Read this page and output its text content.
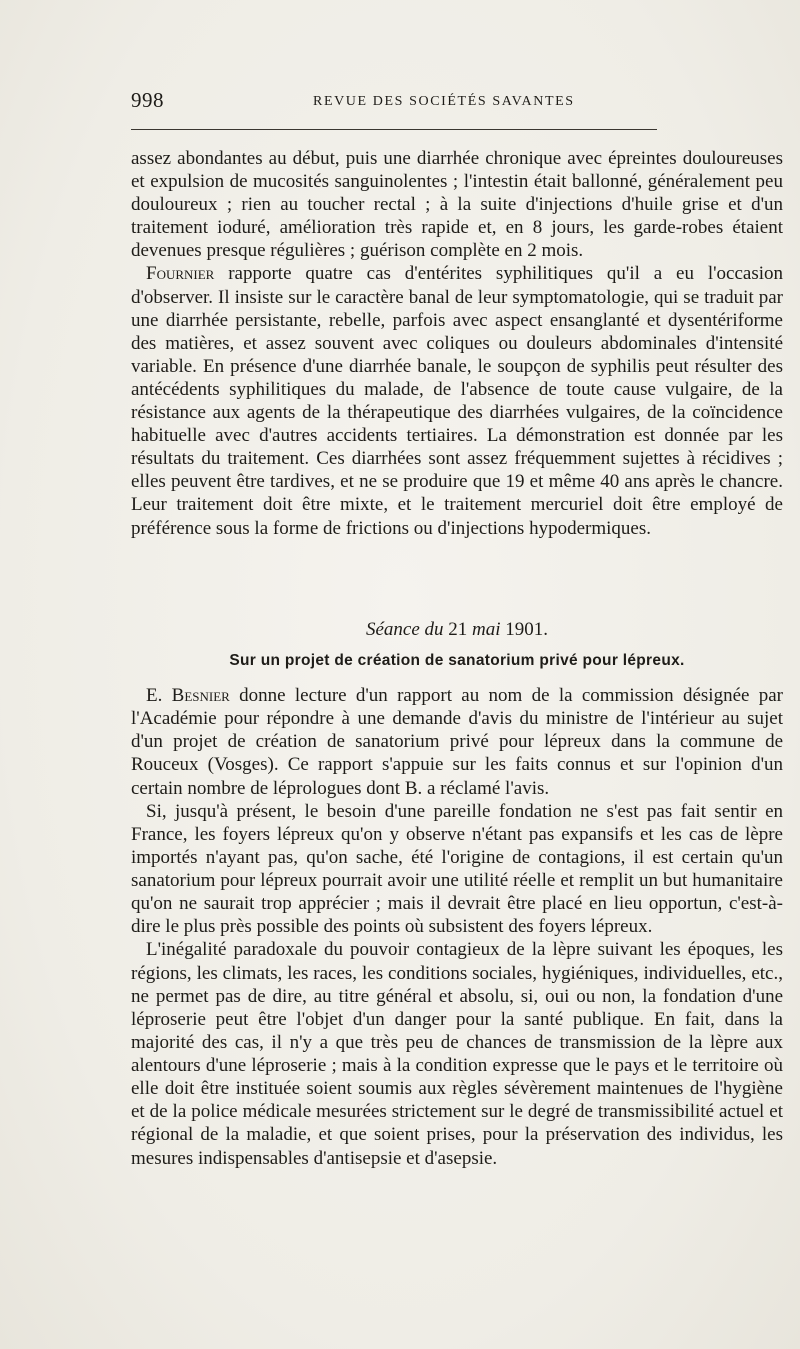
998	REVUE DES SOCIÉTÉS SAVANTES

assez abondantes au début, puis une diarrhée chronique avec épreintes douloureuses et expulsion de mucosités sanguinolentes ; l'intestin était ballonné, généralement peu douloureux ; rien au toucher rectal ; à la suite d'injections d'huile grise et d'un traitement ioduré, amélioration très rapide et, en 8 jours, les garde-robes étaient devenues presque régulières ; guérison complète en 2 mois.

Fournier rapporte quatre cas d'entérites syphilitiques qu'il a eu l'occasion d'observer. Il insiste sur le caractère banal de leur symptomatologie, qui se traduit par une diarrhée persistante, rebelle, parfois avec aspect ensanglanté et dysentériforme des matières, et assez souvent avec coliques ou douleurs abdominales d'intensité variable. En présence d'une diarrhée banale, le soupçon de syphilis peut résulter des antécédents syphilitiques du malade, de l'absence de toute cause vulgaire, de la résistance aux agents de la thérapeutique des diarrhées vulgaires, de la coïncidence habituelle avec d'autres accidents tertiaires. La démonstration est donnée par les résultats du traitement. Ces diarrhées sont assez fréquemment sujettes à récidives ; elles peuvent être tardives, et ne se produire que 19 et même 40 ans après le chancre. Leur traitement doit être mixte, et le traitement mercuriel doit être employé de préférence sous la forme de frictions ou d'injections hypodermiques.

Séance du 21 mai 1901.
Sur un projet de création de sanatorium privé pour lépreux.

E. Besnier donne lecture d'un rapport au nom de la commission désignée par l'Académie pour répondre à une demande d'avis du ministre de l'intérieur au sujet d'un projet de création de sanatorium privé pour lépreux dans la commune de Rouceux (Vosges). Ce rapport s'appuie sur les faits connus et sur l'opinion d'un certain nombre de léprologues dont B. a réclamé l'avis.

Si, jusqu'à présent, le besoin d'une pareille fondation ne s'est pas fait sentir en France, les foyers lépreux qu'on y observe n'étant pas expansifs et les cas de lèpre importés n'ayant pas, qu'on sache, été l'origine de contagions, il est certain qu'un sanatorium pour lépreux pourrait avoir une utilité réelle et remplit un but humanitaire qu'on ne saurait trop apprécier ; mais il devrait être placé en lieu opportun, c'est-à-dire le plus près possible des points où subsistent des foyers lépreux.

L'inégalité paradoxale du pouvoir contagieux de la lèpre suivant les époques, les régions, les climats, les races, les conditions sociales, hygiéniques, individuelles, etc., ne permet pas de dire, au titre général et absolu, si, oui ou non, la fondation d'une léproserie peut être l'objet d'un danger pour la santé publique. En fait, dans la majorité des cas, il n'y a que très peu de chances de transmission de la lèpre aux alentours d'une léproserie ; mais à la condition expresse que le pays et le territoire où elle doit être instituée soient soumis aux règles sévèrement maintenues de l'hygiène et de la police médicale mesurées strictement sur le degré de transmissibilité actuel et régional de la maladie, et que soient prises, pour la préservation des individus, les mesures indispensables d'antisepsie et d'asepsie.
